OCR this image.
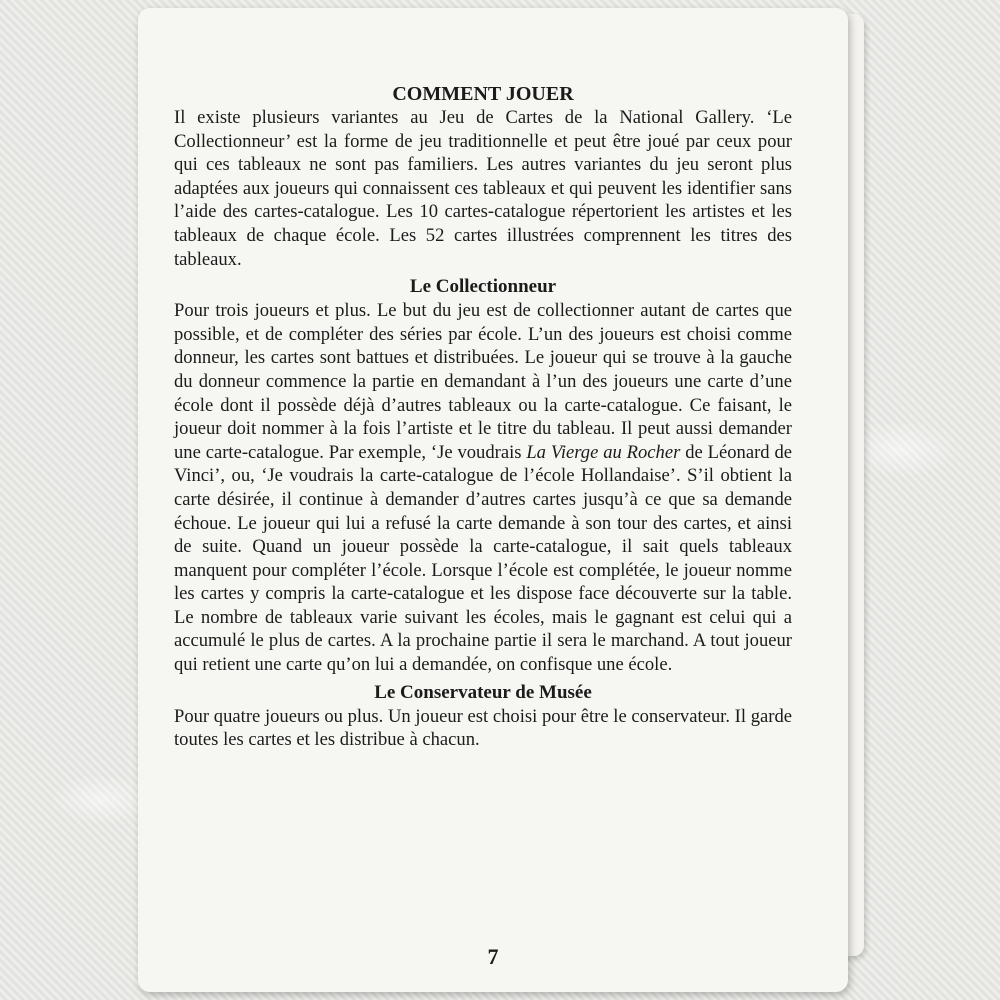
COMMENT JOUER

Il existe plusieurs variantes au Jeu de Cartes de la National Gallery. ‘Le Collectionneur’ est la forme de jeu traditionnelle et peut être joué par ceux pour qui ces tableaux ne sont pas familiers. Les autres variantes du jeu seront plus adaptées aux joueurs qui connaissent ces tableaux et qui peuvent les identifier sans l’aide des cartes-catalogue. Les 10 cartes-catalogue répertorient les artistes et les tableaux de chaque école. Les 52 cartes illustrées comprennent les titres des tableaux.

Le Collectionneur

Pour trois joueurs et plus. Le but du jeu est de collectionner autant de cartes que possible, et de compléter des séries par école. L’un des joueurs est choisi comme donneur, les cartes sont battues et distribuées. Le joueur qui se trouve à la gauche du donneur commence la partie en demandant à l’un des joueurs une carte d’une école dont il possède déjà d’autres tableaux ou la carte-catalogue. Ce faisant, le joueur doit nommer à la fois l’artiste et le titre du tableau. Il peut aussi demander une carte-catalogue. Par exemple, ‘Je voudrais La Vierge au Rocher de Léonard de Vinci’, ou, ‘Je voudrais la carte-catalogue de l’école Hollandaise’. S’il obtient la carte désirée, il continue à demander d’autres cartes jusqu’à ce que sa demande échoue. Le joueur qui lui a refusé la carte demande à son tour des cartes, et ainsi de suite. Quand un joueur possède la carte-catalogue, il sait quels tableaux manquent pour compléter l’école. Lorsque l’école est complétée, le joueur nomme les cartes y compris la carte-catalogue et les dispose face découverte sur la table. Le nombre de tableaux varie suivant les écoles, mais le gagnant est celui qui a accumulé le plus de cartes. A la prochaine partie il sera le marchand. A tout joueur qui retient une carte qu’on lui a demandée, on confisque une école.

Le Conservateur de Musée

Pour quatre joueurs ou plus. Un joueur est choisi pour être le conservateur. Il garde toutes les cartes et les distribue à chacun.

7
